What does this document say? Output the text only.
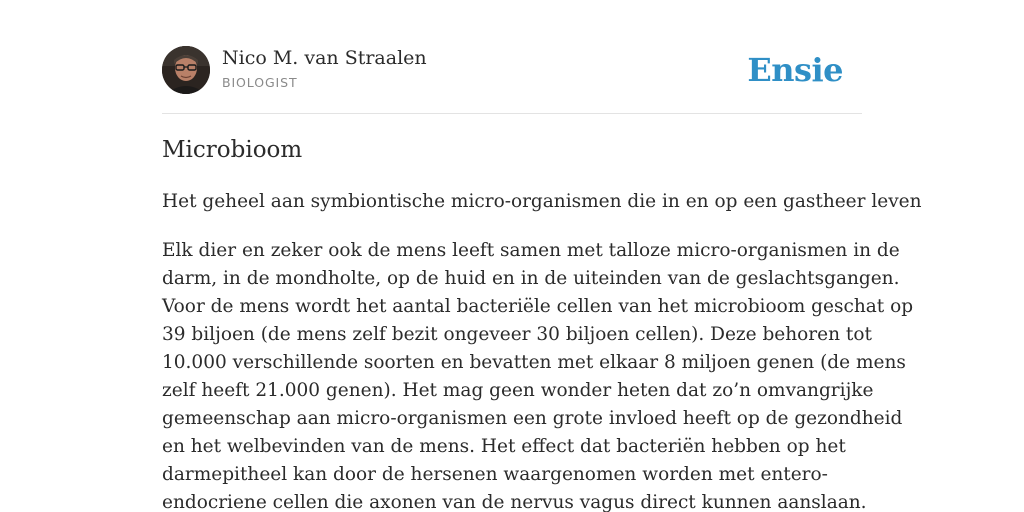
Nico M. van Straalen
BIOLOGIST	Ensie
Microbioom
Het geheel aan symbiontische micro-organismen die in en op een gastheer leven
Elk dier en zeker ook de mens leeft samen met talloze micro-organismen in de
darm, in de mondholte, op de huid en in de uiteinden van de geslachtsgangen.
Voor de mens wordt het aantal bacteriële cellen van het microbioom geschat op
39 biljoen (de mens zelf bezit ongeveer 30 biljoen cellen). Deze behoren tot
10.000 verschillende soorten en bevatten met elkaar 8 miljoen genen (de mens
zelf heeft 21.000 genen). Het mag geen wonder heten dat zo’n omvangrijke
gemeenschap aan micro-organismen een grote invloed heeft op de gezondheid
en het welbevinden van de mens. Het effect dat bacteriën hebben op het
darmepitheel kan door de hersenen waargenomen worden met entero-
endocriene cellen die axonen van de nervus vagus direct kunnen aanslaan.
